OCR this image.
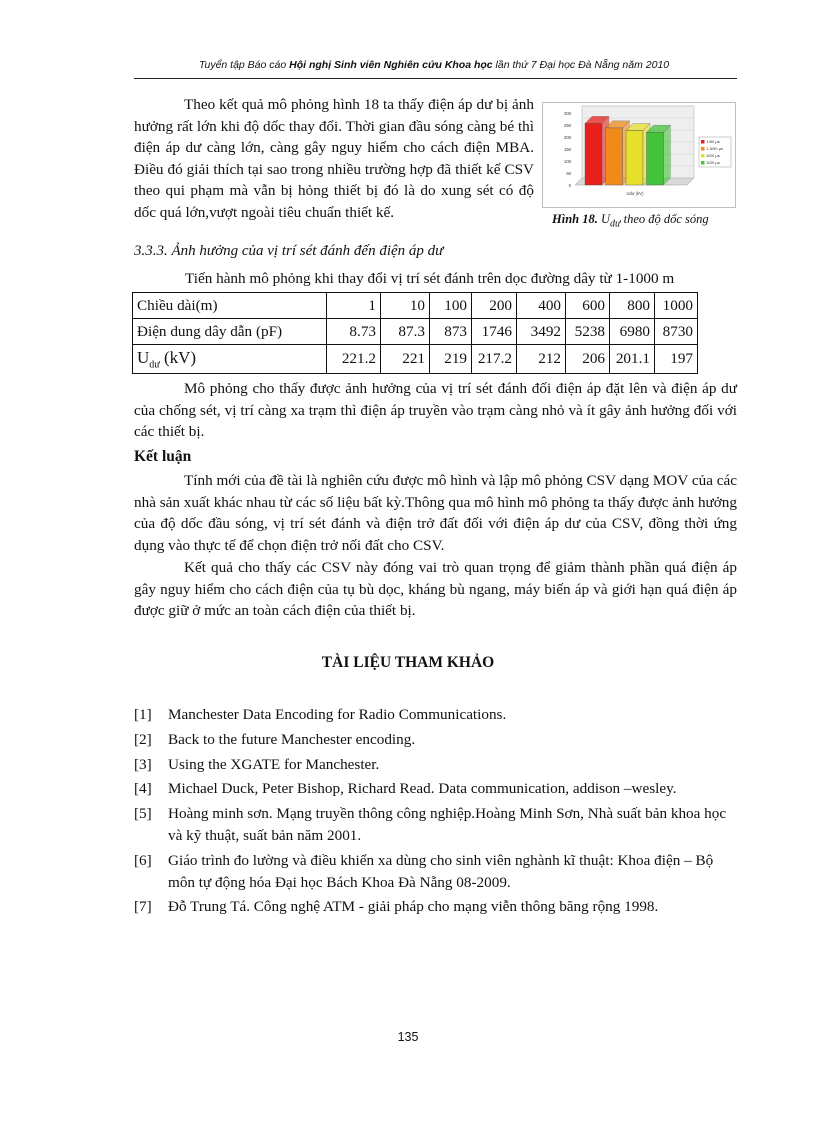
Tuyển tập Báo cáo Hội nghị Sinh viên Nghiên cứu Khoa học lần thứ 7 Đại học Đà Nẵng năm 2010
Theo kết quả mô phỏng hình 18 ta thấy điện áp dư bị ảnh hưởng rất lớn khi độ dốc thay đổi. Thời gian đầu sóng càng bé thì điện áp dư càng lớn, càng gây nguy hiểm cho cách điện MBA. Điều đó giải thích tại sao trong nhiều trường hợp đã thiết kế CSV theo qui phạm mà vẫn bị hỏng thiết bị đó là do xung sét có độ dốc quá lớn,vượt ngoài tiêu chuẩn thiết kế.
0
50
100
150
200
250
300
Udư (kV)
1/50 µs
1,5/50 µs
8/20 µs
5/20 µs
Hình 18. $U_{dư}$ theo độ dốc sóng
3.3.3. Ảnh hưởng của vị trí sét đánh đến điện áp dư
Tiến hành mô phỏng khi thay đổi vị trí sét đánh trên dọc đường dây từ 1-1000 m
Chiều dài(m)	1	10	100	200	400	600	800	1000
Điện dung dây dẫn (pF)	8.73	87.3	873	1746	3492	5238	6980	8730
$U_{dư}$ (kV)	221.2	221	219	217.2	212	206	201.1	197
Mô phỏng cho thấy được ảnh hưởng của vị trí sét đánh đối điện áp đặt lên và điện áp dư của chống sét, vị trí càng xa trạm thì điện áp truyền vào trạm càng nhỏ và ít gây ảnh hưởng đối với các thiết bị.
Kết luận
Tính mới của đề tài là nghiên cứu được mô hình và lập mô phỏng CSV dạng MOV của các nhà sản xuất khác nhau từ các số liệu bất kỳ.Thông qua mô hình mô phỏng ta thấy được ảnh hưởng của độ dốc đầu sóng, vị trí sét đánh và điện trở đất đối với điện áp dư của CSV, đồng thời ứng dụng vào thực tế để chọn điện trở nối đất cho CSV.
Kết quả cho thấy các CSV này đóng vai trò quan trọng để giảm thành phần quá điện áp gây nguy hiểm cho cách điện của tụ bù dọc, kháng bù ngang, máy biến áp và giới hạn quá điện áp được giữ ở mức an toàn cách điện của thiết bị.
TÀI LIỆU THAM KHẢO
[1] Manchester Data Encoding for Radio Communications.
[2] Back to the future Manchester encoding.
[3] Using the XGATE for Manchester.
[4] Michael Duck, Peter Bishop, Richard Read. Data communication, addison –wesley.
[5] Hoàng minh sơn. Mạng truyền thông công nghiệp.Hoàng Minh Sơn, Nhà suất bản khoa học và kỹ thuật, suất bản năm 2001.
[6] Giáo trình đo lường và điều khiển xa dùng cho sinh viên nghành kĩ thuật: Khoa điện – Bộ môn tự động hóa Đại học Bách Khoa Đà Nẵng 08-2009.
[7] Đỗ Trung Tá. Công nghệ ATM - giải pháp cho mạng viễn thông băng rộng 1998.
135
